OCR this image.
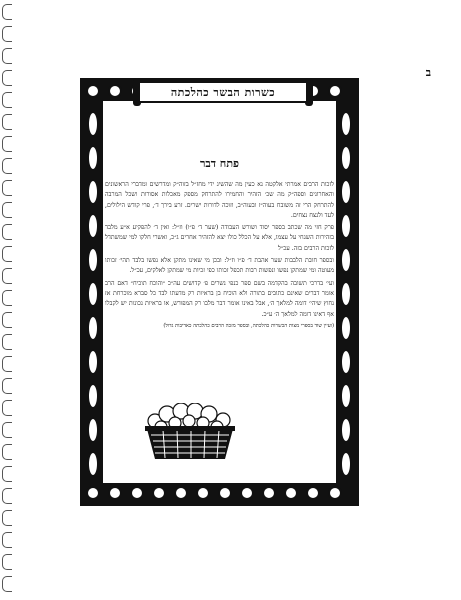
ב
כשרות הבשר כהלכתה
פתח דבר

לזכות הרבים אמרתי אלקטה נא כעין מה שהשיג ידי מחז״ל בזוה״ק ומדרשים ומדברי הראשונים והאחרונים וספה״ק מה שכ׳ הזהיר והחמירו להתרחק מספק מאכלות אסורות ושכל המרבה להתרחק הרי זה משובח בעוה״ז ובעוה״ב, וזוכה לדורות ישרים. זרע בירך ד׳, פרי קודש הילולים, לעד ולנצח נצחים.

פרק חזי מה שכתב בספר יסוד ושורש העבודה (שער ד׳ פ״ו) וז״ל: ואין ד׳ להפקיע א״ע מלבד בזהירות השגחי על עצמו, אלא על הכלל כולו יצא להזהיר אחרים ג״כ, ואשרי חלקו למי שמשתדל לזכות הרבים בזה. עכ״ל

ובספר חובת הלבבות שער אהבת ד׳ פ״ו וז״ל: ובכן מי שאינו מתקן אלא נפשו בלבד תהי׳ זכותו מעוטה ומי שמתקן נפשו ונפשות רבות תכפל זכותו כפי זכיות מי שמתקן לאלקים, עכ״ל.

ועי׳ בדרכי תשובה בהקדמה בשם ספר כנפי נשרים פ׳ קדושים עה״כ ״והוכח תוכיח״ דאם הרב אומר דברים שאינם כתובים בתורה ולא הוכיח בן בראיות רק מדעתו לבד כל סברא מוכרחת אז נחוץ שיהי׳ דומה למלאך ה׳, אבל באינו אומר דבר מלבו רק המפורש, או בראיות נכונות יש לקבלו אף דאינו דומה למלאך ה׳ ע״כ.

(ועיין שוד בספרי מצות הכשרות כהלכתה, ובספר מזכה הרבים כהלכתה כאדיבות גדול)
